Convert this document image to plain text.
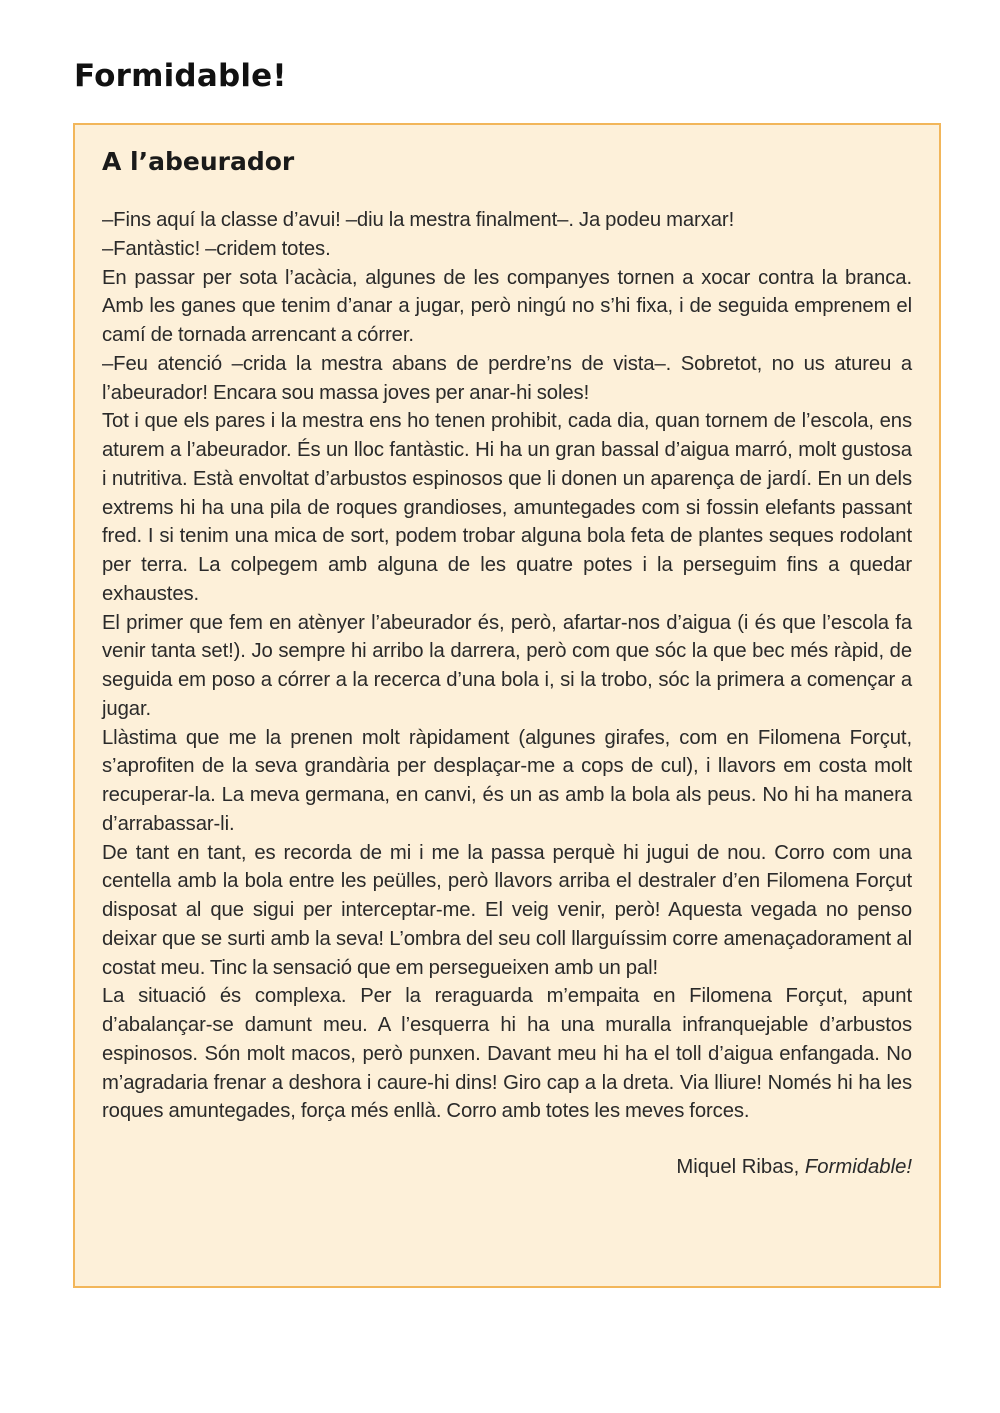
Formidable!
A l’abeurador

–Fins aquí la classe d’avui! –diu la mestra finalment–. Ja podeu marxar!

–Fantàstic! –cridem totes.

En passar per sota l’acàcia, algunes de les companyes tornen a xocar contra la branca. Amb les ganes que tenim d’anar a jugar, però ningú no s’hi fixa, i de seguida emprenem el camí de tornada arrencant a córrer.

–Feu atenció –crida la mestra abans de perdre’ns de vista–. Sobretot, no us atureu a l’abeurador! Encara sou massa joves per anar-hi soles!

Tot i que els pares i la mestra ens ho tenen prohibit, cada dia, quan tornem de l’escola, ens aturem a l’abeurador. És un lloc fantàstic. Hi ha un gran bassal d’aigua marró, molt gustosa i nutritiva. Està envoltat d’arbustos espinosos que li donen un aparença de jardí. En un dels extrems hi ha una pila de roques grandioses, amuntegades com si fossin elefants passant fred. I si tenim una mica de sort, podem trobar alguna bola feta de plantes seques rodolant per terra. La colpegem amb alguna de les quatre potes i la perseguim fins a quedar exhaustes.

El primer que fem en atènyer l’abeurador és, però, afartar-nos d’aigua (i és que l’escola fa venir tanta set!). Jo sempre hi arribo la darrera, però com que sóc la que bec més ràpid, de seguida em poso a córrer a la recerca d’una bola i, si la trobo, sóc la primera a començar a jugar.

Llàstima que me la prenen molt ràpidament (algunes girafes, com en Filomena Forçut, s’aprofiten de la seva grandària per desplaçar-me a cops de cul), i llavors em costa molt recuperar-la. La meva germana, en canvi, és un as amb la bola als peus. No hi ha manera d’arrabassar-li.

De tant en tant, es recorda de mi i me la passa perquè hi jugui de nou. Corro com una centella amb la bola entre les peülles, però llavors arriba el destraler d’en Filomena Forçut disposat al que sigui per interceptar-me. El veig venir, però! Aquesta vegada no penso deixar que se surti amb la seva! L’ombra del seu coll llarguíssim corre amenaçadorament al costat meu. Tinc la sensació que em persegueixen amb un pal!

La situació és complexa. Per la reraguarda m’empaita en Filomena Forçut, apunt d’abalançar-se damunt meu. A l’esquerra hi ha una muralla infranquejable d’arbustos espinosos. Són molt macos, però punxen. Davant meu hi ha el toll d’aigua enfangada. No m’agradaria frenar a deshora i caure-hi dins! Giro cap a la dreta. Via lliure! Només hi ha les roques amuntegades, força més enllà. Corro amb totes les meves forces.

Miquel Ribas, Formidable!
